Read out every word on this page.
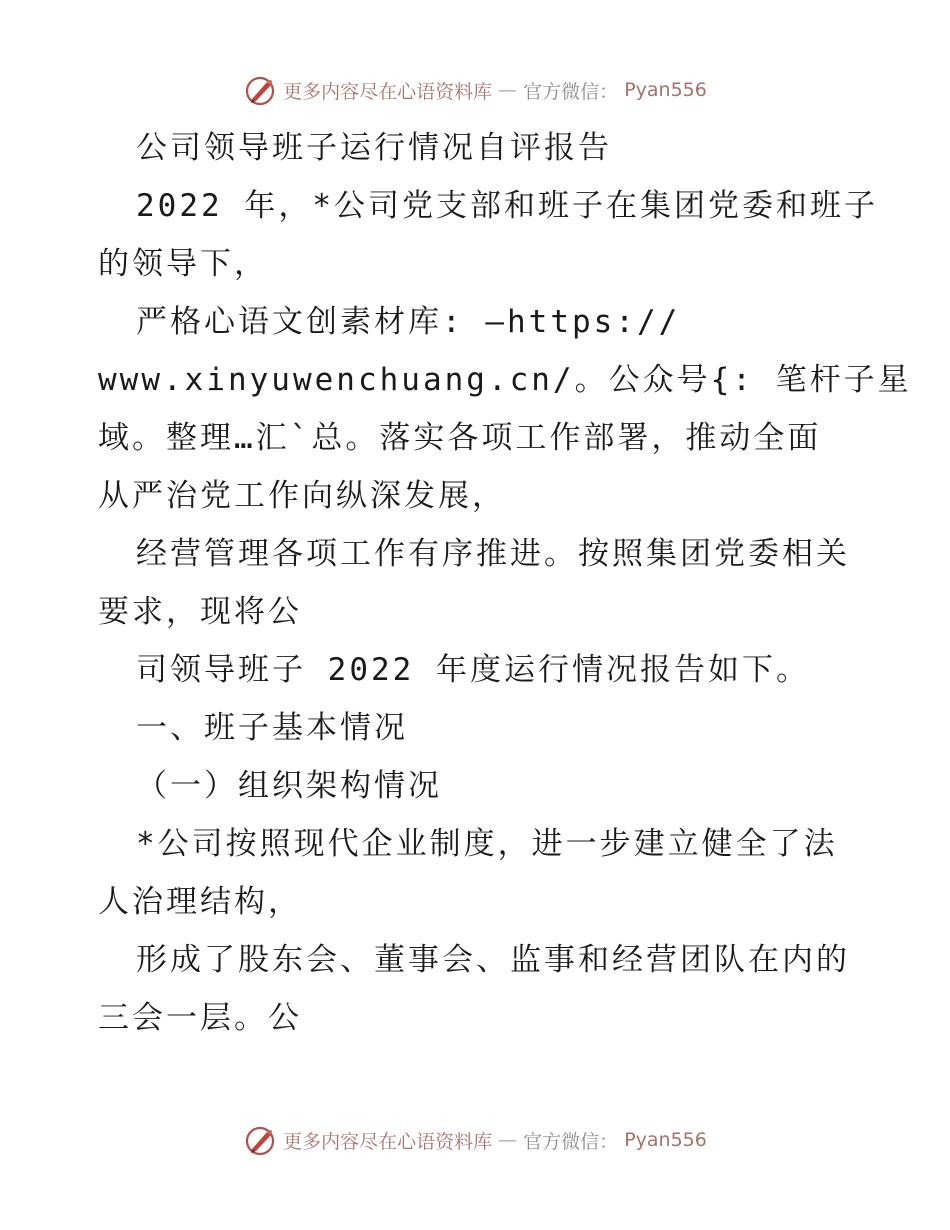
更多内容尽在心语资料库 — 官方微信： Pyan556
公司领导班子运行情况自评报告
2022 年，*公司党支部和班子在集团党委和班子
的领导下，
严格心语文创素材库: —https://
www.xinyuwenchuang.cn/。公众号{: 笔杆子星
域。整理…汇`总。落实各项工作部署，推动全面
从严治党工作向纵深发展，
经营管理各项工作有序推进。按照集团党委相关
要求，现将公
司领导班子 2022 年度运行情况报告如下。
一、班子基本情况
（一）组织架构情况
*公司按照现代企业制度，进一步建立健全了法
人治理结构，
形成了股东会、董事会、监事和经营团队在内的
三会一层。公
更多内容尽在心语资料库 — 官方微信： Pyan556
